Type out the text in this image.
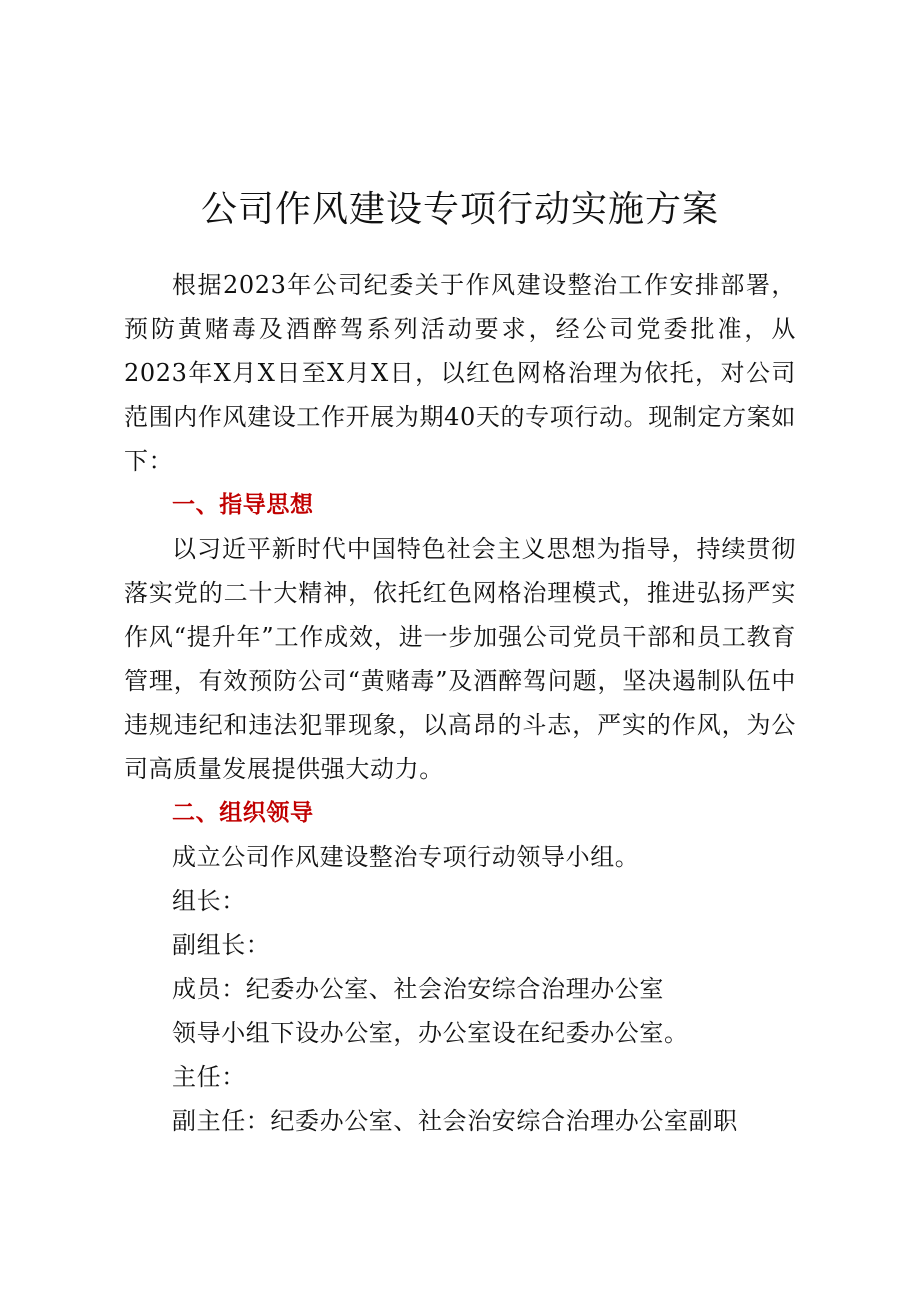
公司作风建设专项行动实施方案

根据2023年公司纪委关于作风建设整治工作安排部署，预防黄赌毒及酒醉驾系列活动要求，经公司党委批准，从2023年X月X日至X月X日，以红色网格治理为依托，对公司范围内作风建设工作开展为期40天的专项行动。现制定方案如下：

一、指导思想

以习近平新时代中国特色社会主义思想为指导，持续贯彻落实党的二十大精神，依托红色网格治理模式，推进弘扬严实作风“提升年”工作成效，进一步加强公司党员干部和员工教育管理，有效预防公司“黄赌毒”及酒醉驾问题，坚决遏制队伍中违规违纪和违法犯罪现象，以高昂的斗志，严实的作风，为公司高质量发展提供强大动力。

二、组织领导

成立公司作风建设整治专项行动领导小组。

组长：

副组长：

成员：纪委办公室、社会治安综合治理办公室

领导小组下设办公室，办公室设在纪委办公室。

主任：

副主任：纪委办公室、社会治安综合治理办公室副职
